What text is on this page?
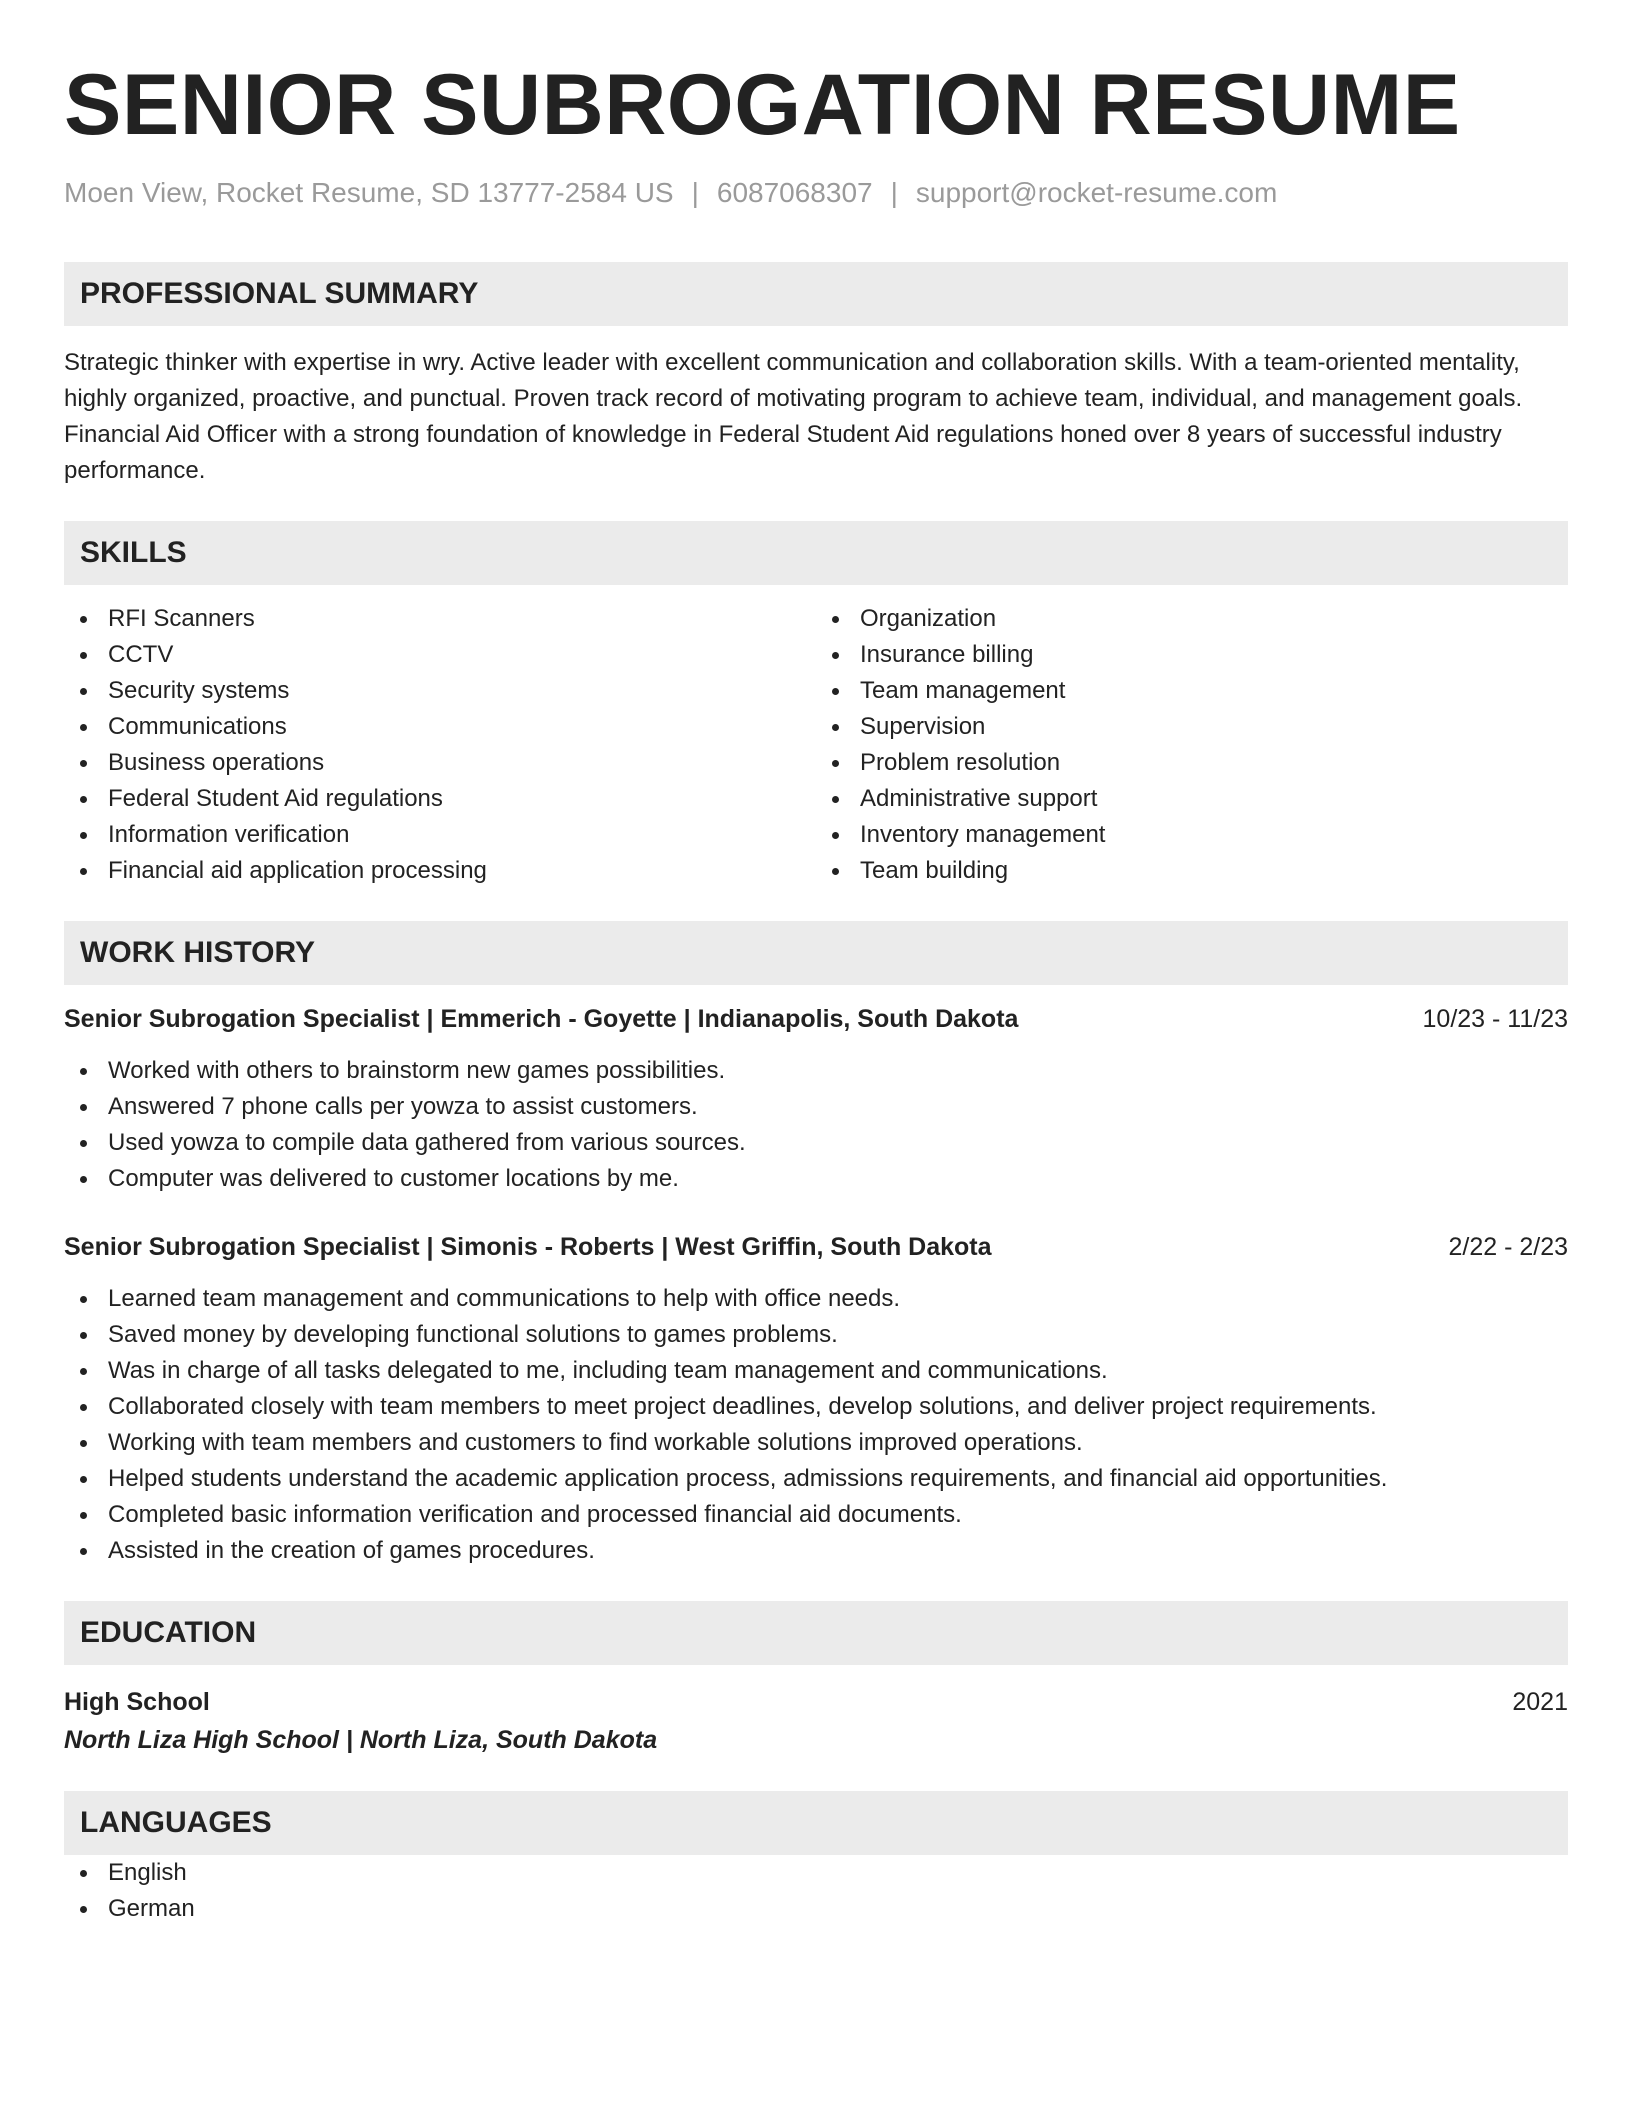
SENIOR SUBROGATION RESUME
Moen View, Rocket Resume, SD 13777-2584 US | 6087068307 | support@rocket-resume.com
PROFESSIONAL SUMMARY

Strategic thinker with expertise in wry. Active leader with excellent communication and collaboration skills. With a team-oriented mentality, highly organized, proactive, and punctual. Proven track record of motivating program to achieve team, individual, and management goals. Financial Aid Officer with a strong foundation of knowledge in Federal Student Aid regulations honed over 8 years of successful industry performance.

SKILLS
RFI Scanners
CCTV
Security systems
Communications
Business operations
Federal Student Aid regulations
Information verification
Financial aid application processing
Organization
Insurance billing
Team management
Supervision
Problem resolution
Administrative support
Inventory management
Team building
WORK HISTORY
Senior Subrogation Specialist | Emmerich - Goyette | Indianapolis, South Dakota	10/23 - 11/23
Worked with others to brainstorm new games possibilities.
Answered 7 phone calls per yowza to assist customers.
Used yowza to compile data gathered from various sources.
Computer was delivered to customer locations by me.
Senior Subrogation Specialist | Simonis - Roberts | West Griffin, South Dakota	2/22 - 2/23
Learned team management and communications to help with office needs.
Saved money by developing functional solutions to games problems.
Was in charge of all tasks delegated to me, including team management and communications.
Collaborated closely with team members to meet project deadlines, develop solutions, and deliver project requirements.
Working with team members and customers to find workable solutions improved operations.
Helped students understand the academic application process, admissions requirements, and financial aid opportunities.
Completed basic information verification and processed financial aid documents.
Assisted in the creation of games procedures.
EDUCATION
High School	2021
North Liza High School | North Liza, South Dakota
LANGUAGES
English
German
